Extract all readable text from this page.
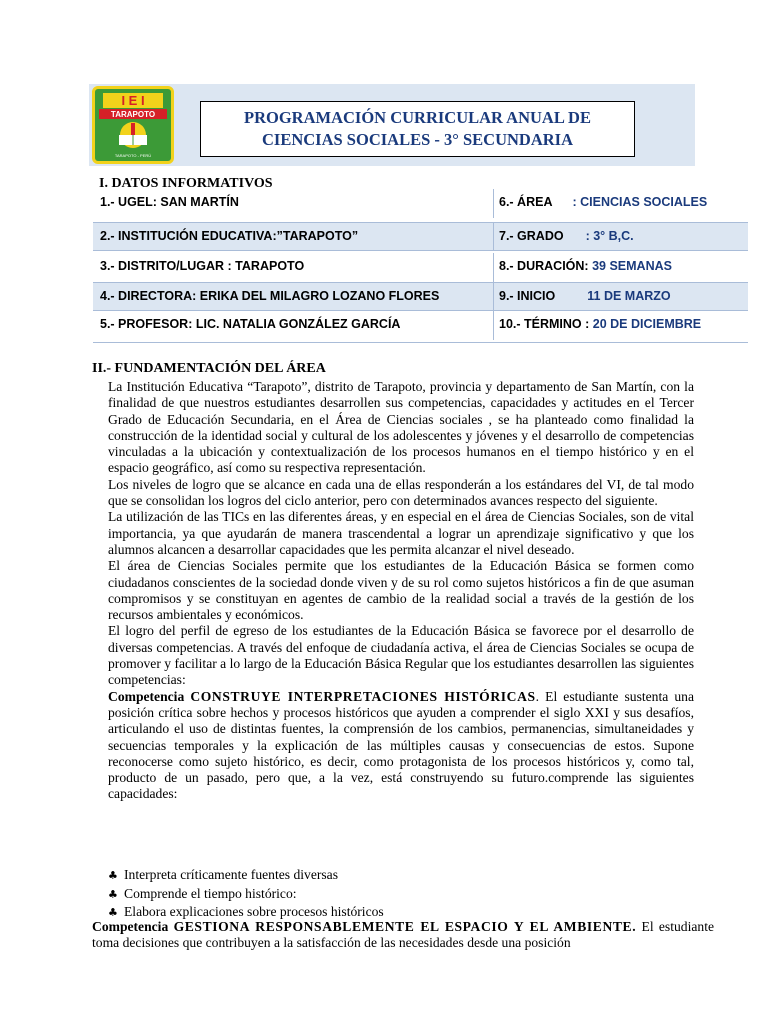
I E I
TARAPOTO
TARAPOTO - PERÚ
PROGRAMACIÓN CURRICULAR ANUAL DE
CIENCIAS SOCIALES - 3° SECUNDARIA
I. DATOS INFORMATIVOS
1.- UGEL: SAN MARTÍN	6.- ÁREA : CIENCIAS SOCIALES
2.- INSTITUCIÓN EDUCATIVA:”TARAPOTO”	7.- GRADO : 3° B,C.
3.- DISTRITO/LUGAR : TARAPOTO	8.- DURACIÓN: 39 SEMANAS
4.- DIRECTORA: ERIKA DEL MILAGRO LOZANO FLORES	9.- INICIO	11 DE MARZO
5.- PROFESOR: LIC. NATALIA GONZÁLEZ GARCÍA	10.- TÉRMINO : 20 DE DICIEMBRE
II.- FUNDAMENTACIÓN DEL ÁREA

La Institución Educativa “Tarapoto”, distrito de Tarapoto, provincia y departamento de San Martín, con la finalidad de que nuestros estudiantes desarrollen sus competencias, capacidades y actitudes en el Tercer Grado de Educación Secundaria, en el Área de Ciencias sociales , se ha planteado como finalidad la construcción de la identidad social y cultural de los adolescentes y jóvenes y el desarrollo de competencias vinculadas a la ubicación y contextualización de los procesos humanos en el tiempo histórico y en el espacio geográfico, así como su respectiva representación.

Los niveles de logro que se alcance en cada una de ellas responderán a los estándares del VI, de tal modo que se consolidan los logros del ciclo anterior, pero con determinados avances respecto del siguiente.

La utilización de las TICs en las diferentes áreas, y en especial en el área de Ciencias Sociales, son de vital importancia, ya que ayudarán de manera trascendental a lograr un aprendizaje significativo y que los alumnos alcancen a desarrollar capacidades que les permita alcanzar el nivel deseado.

El área de Ciencias Sociales permite que los estudiantes de la Educación Básica se formen como ciudadanos conscientes de la sociedad donde viven y de su rol como sujetos históricos a fin de que asuman compromisos y se constituyan en agentes de cambio de la realidad social a través de la gestión de los recursos ambientales y económicos.

El logro del perfil de egreso de los estudiantes de la Educación Básica se favorece por el desarrollo de diversas competencias. A través del enfoque de ciudadanía activa, el área de Ciencias Sociales se ocupa de promover y facilitar a lo largo de la Educación Básica Regular que los estudiantes desarrollen las siguientes competencias:

Competencia CONSTRUYE INTERPRETACIONES HISTÓRICAS. El estudiante sustenta una posición crítica sobre hechos y procesos históricos que ayuden a comprender el siglo XXI y sus desafíos, articulando el uso de distintas fuentes, la comprensión de los cambios, permanencias, simultaneidades y secuencias temporales y la explicación de las múltiples causas y consecuencias de estos. Supone reconocerse como sujeto histórico, es decir, como protagonista de los procesos históricos y, como tal, producto de un pasado, pero que, a la vez, está construyendo su futuro.comprende las siguientes capacidades:

♣ Interpreta críticamente fuentes diversas
♣ Comprende el tiempo histórico:
♣ Elabora explicaciones sobre procesos históricos
Competencia GESTIONA RESPONSABLEMENTE EL ESPACIO Y EL AMBIENTE. El estudiante toma decisiones que contribuyen a la satisfacción de las necesidades desde una posición
